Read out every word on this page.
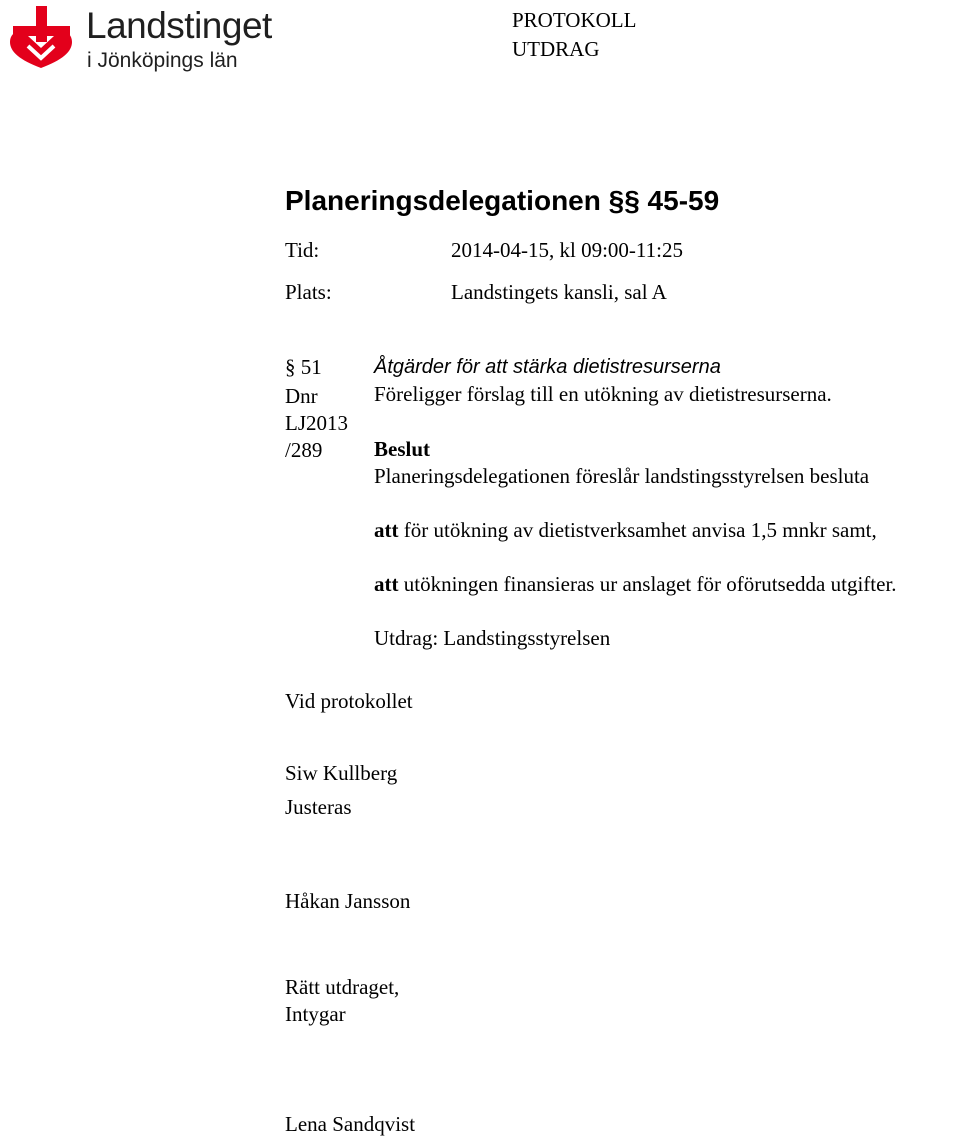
Landstinget
i Jönköpings län
PROTOKOLL
UTDRAG
Planeringsdelegationen §§ 45-59
Tid:	2014-04-15, kl 09:00-11:25
Plats:	Landstingets kansli, sal A
§ 51
Dnr
LJ2013
/289
Åtgärder för att stärka dietistresurserna
Föreligger förslag till en utökning av dietistresurserna.
Beslut
Planeringsdelegationen föreslår landstingsstyrelsen besluta
att för utökning av dietistverksamhet anvisa 1,5 mnkr samt,
att utökningen finansieras ur anslaget för oförutsedda utgifter.
Utdrag: Landstingsstyrelsen
Vid protokollet
Siw Kullberg
Justeras
Håkan Jansson
Rätt utdraget,
Intygar
Lena Sandqvist
